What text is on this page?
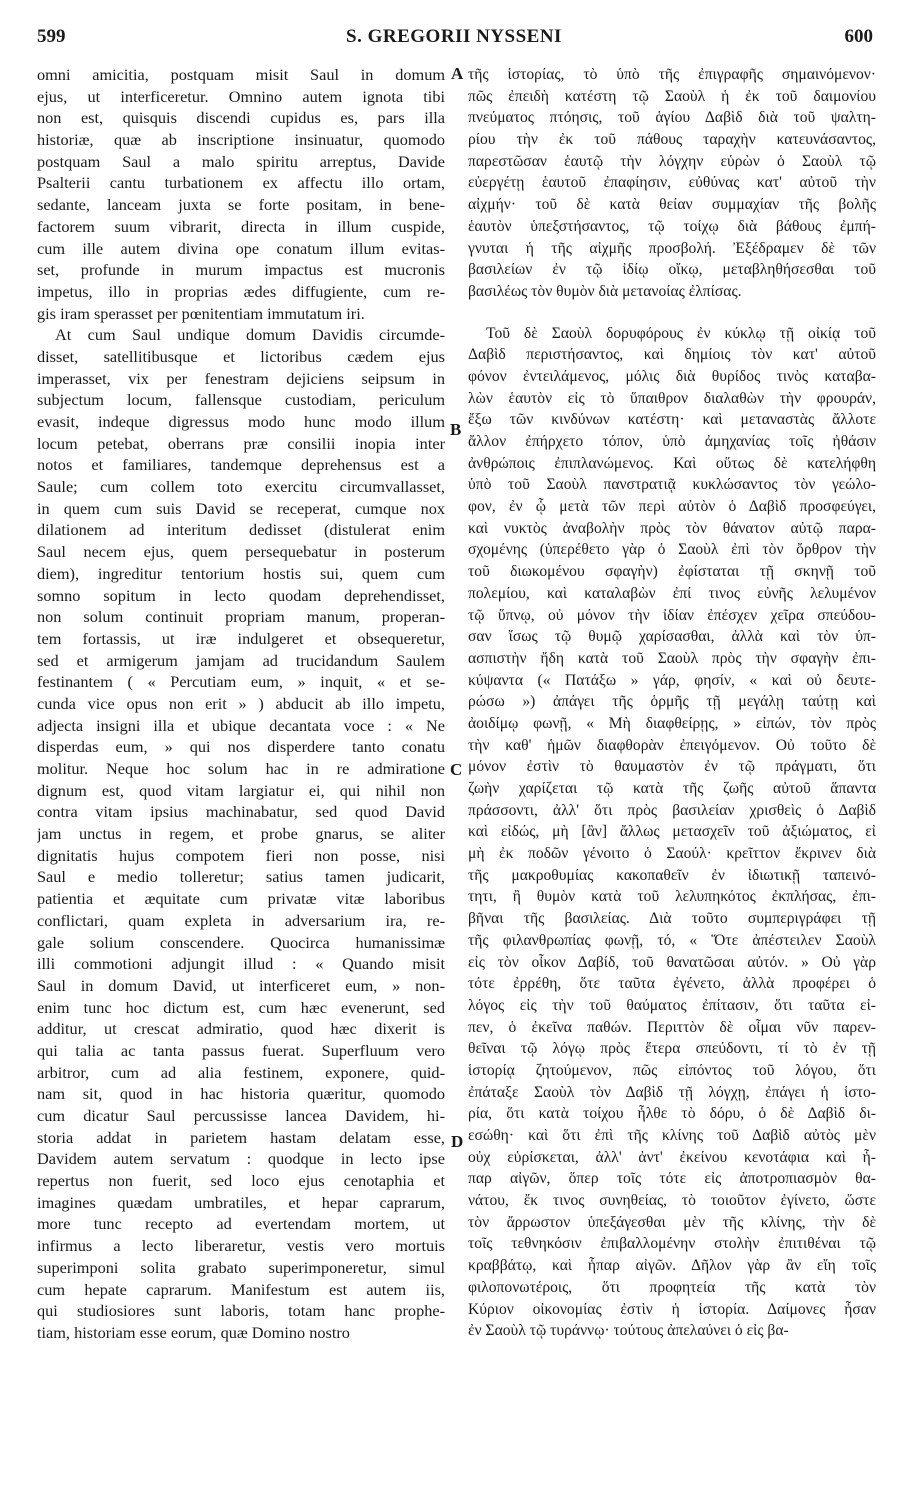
599	S. GREGORII NYSSENI	600
omni amicitia, postquam misit Saul in domum
ejus, ut interficeretur. Omnino autem ignota tibi
non est, quisquis discendi cupidus es, pars illa
historiæ, quæ ab inscriptione insinuatur, quomodo
postquam Saul a malo spiritu arreptus, Davide
Psalterii cantu turbationem ex affectu illo ortam,
sedante, lanceam juxta se forte positam, in bene-
factorem suum vibrarit, directa in illum cuspide,
cum ille autem divina ope conatum illum evitas-
set, profunde in murum impactus est mucronis
impetus, illo in proprias ædes diffugiente, cum re-
gis iram sperasset per pœnitentiam immutatum iri.
At cum Saul undique domum Davidis circumde-
disset, satellitibusque et lictoribus cædem ejus
imperasset, vix per fenestram dejiciens seipsum in
subjectum locum, fallensque custodiam, periculum
evasit, indeque digressus modo hunc modo illum
locum petebat, oberrans præ consilii inopia inter
notos et familiares, tandemque deprehensus est a
Saule; cum collem toto exercitu circumvallasset,
in quem cum suis David se receperat, cumque nox
dilationem ad interitum dedisset (distulerat enim
Saul necem ejus, quem persequebatur in posterum
diem), ingreditur tentorium hostis sui, quem cum
somno sopitum in lecto quodam deprehendisset,
non solum continuit propriam manum, properan-
tem fortassis, ut iræ indulgeret et obsequeretur,
sed et armigerum jamjam ad trucidandum Saulem
festinantem ( « Percutiam eum, » inquit, « et se-
cunda vice opus non erit » ) abducit ab illo impetu,
adjecta insigni illa et ubique decantata voce : « Ne
disperdas eum, » qui nos disperdere tanto conatu
molitur. Neque hoc solum hac in re admiratione
dignum est, quod vitam largiatur ei, qui nihil non
contra vitam ipsius machinabatur, sed quod David
jam unctus in regem, et probe gnarus, se aliter
dignitatis hujus compotem fieri non posse, nisi
Saul e medio tolleretur; satius tamen judicarit,
patientia et æquitate cum privatæ vitæ laboribus
conflictari, quam expleta in adversarium ira, re-
gale solium conscendere. Quocirca humanissimæ
illi commotioni adjungit illud : « Quando misit
Saul in domum David, ut interficeret eum, » non-
enim tunc hoc dictum est, cum hæc evenerunt, sed
additur, ut crescat admiratio, quod hæc dixerit is
qui talia ac tanta passus fuerat. Superfluum vero
arbitror, cum ad alia festinem, exponere, quid-
nam sit, quod in hac historia quæritur, quomodo
cum dicatur Saul percussisse lancea Davidem, hi-
storia addat in parietem hastam delatam esse,
Davidem autem servatum : quodque in lecto ipse
repertus non fuerit, sed loco ejus cenotaphia et
imagines quædam umbratiles, et hepar caprarum,
more tunc recepto ad evertendam mortem, ut
infirmus a lecto liberaretur, vestis vero mortuis
superimponi solita grabato superimponeretur, simul
cum hepate caprarum. Manifestum est autem iis,
qui studiosiores sunt laboris, totam hanc prophe-
tiam, historiam esse eorum, quæ Domino nostro
τῆς ἱστορίας, τὸ ὑπὸ τῆς ἐπιγραφῆς σημαινόμενον·
πῶς ἐπειδὴ κατέστη τῷ Σαοὺλ ἡ ἐκ τοῦ δαιμονίου
πνεύματος πτόησις, τοῦ ἁγίου Δαβὶδ διὰ τοῦ ψαλτη-
ρίου τὴν ἐκ τοῦ πάθους ταραχὴν κατευνάσαντος,
παρεστῶσαν ἑαυτῷ τὴν λόγχην εὑρὼν ὁ Σαοὺλ τῷ
εὐεργέτῃ ἑαυτοῦ ἐπαφίησιν, εὐθύνας κατ' αὐτοῦ τὴν
αἰχμήν· τοῦ δὲ κατὰ θείαν συμμαχίαν τῆς βολῆς
ἑαυτὸν ὑπεξστήσαντος, τῷ τοίχῳ διὰ βάθους ἐμπή-
γνυται ἡ τῆς αἰχμῆς προσβολή. Ἐξέδραμεν δὲ τῶν
βασιλείων ἐν τῷ ἰδίῳ οἴκῳ, μεταβληθήσεσθαι τοῦ
βασιλέως τὸν θυμὸν διὰ μετανοίας ἐλπίσας.
Τοῦ δὲ Σαοὺλ δορυφόρους ἐν κύκλῳ τῇ οἰκίᾳ τοῦ
Δαβὶδ περιστήσαντος, καὶ δημίοις τὸν κατ' αὐτοῦ
φόνον ἐντειλάμενος, μόλις διὰ θυρίδος τινὸς καταβα-
λὼν ἑαυτὸν εἰς τὸ ὕπαιθρον διαλαθὼν τὴν φρουράν,
ἔξω τῶν κινδύνων κατέστη· καὶ μεταναστὰς ἄλλοτε
ἄλλον ἐπήρχετο τόπον, ὑπὸ ἀμηχανίας τοῖς ἠθάσιν
ἀνθρώποις ἐπιπλανώμενος. Καὶ οὕτως δὲ κατελήφθη
ὑπὸ τοῦ Σαοὺλ πανστρατιᾷ κυκλώσαντος τὸν γεώλο-
φον, ἐν ᾧ μετὰ τῶν περὶ αὐτὸν ὁ Δαβὶδ προσφεύγει,
καὶ νυκτὸς ἀναβολὴν πρὸς τὸν θάνατον αὐτῷ παρα-
σχομένης (ὑπερέθετο γὰρ ὁ Σαοὺλ ἐπὶ τὸν ὄρθρον τὴν
τοῦ διωκομένου σφαγὴν) ἐφίσταται τῇ σκηνῇ τοῦ
πολεμίου, καὶ καταλαβὼν ἐπί τινος εὐνῆς λελυμένον
τῷ ὕπνῳ, οὐ μόνον τὴν ἰδίαν ἐπέσχεν χεῖρα σπεύδου-
σαν ἴσως τῷ θυμῷ χαρίσασθαι, ἀλλὰ καὶ τὸν ὑπ-
ασπιστὴν ἤδη κατὰ τοῦ Σαοὺλ πρὸς τὴν σφαγὴν ἐπι-
κύψαντα (« Πατάξω » γάρ, φησίν, « καὶ οὐ δευτε-
ρώσω ») ἀπάγει τῆς ὁρμῆς τῇ μεγάλῃ ταύτῃ καὶ
ἀοιδίμῳ φωνῇ, « Μὴ διαφθείρῃς, » εἰπών, τὸν πρὸς
τὴν καθ' ἡμῶν διαφθορὰν ἐπειγόμενον. Οὐ τοῦτο δὲ
μόνον ἐστὶν τὸ θαυμαστὸν ἐν τῷ πράγματι, ὅτι
ζωὴν χαρίζεται τῷ κατὰ τῆς ζωῆς αὐτοῦ ἅπαντα
πράσσοντι, ἀλλ' ὅτι πρὸς βασιλείαν χρισθεὶς ὁ Δαβὶδ
καὶ εἰδώς, μὴ [ἂν] ἄλλως μετασχεῖν τοῦ ἀξιώματος, εἰ
μὴ ἐκ ποδῶν γένοιτο ὁ Σαούλ· κρεῖττον ἔκρινεν διὰ
τῆς μακροθυμίας κακοπαθεῖν ἐν ἰδιωτικῇ ταπεινό-
τητι, ἢ θυμὸν κατὰ τοῦ λελυπηκότος ἐκπλήσας, ἐπι-
βῆναι τῆς βασιλείας. Διὰ τοῦτο συμπεριγράφει τῇ
τῆς φιλανθρωπίας φωνῇ, τό, « Ὅτε ἀπέστειλεν Σαοὺλ
εἰς τὸν οἶκον Δαβίδ, τοῦ θανατῶσαι αὐτόν. » Οὐ γὰρ
τότε ἐρρέθη, ὅτε ταῦτα ἐγένετο, ἀλλὰ προφέρει ὁ
λόγος εἰς τὴν τοῦ θαύματος ἐπίτασιν, ὅτι ταῦτα εἰ-
πεν, ὁ ἐκεῖνα παθών. Περιττὸν δὲ οἶμαι νῦν παρεν-
θεῖναι τῷ λόγῳ πρὸς ἕτερα σπεύδοντι, τί τὸ ἐν τῇ
ἱστορίᾳ ζητούμενον, πῶς εἰπόντος τοῦ λόγου, ὅτι
ἐπάταξε Σαοὺλ τὸν Δαβὶδ τῇ λόγχῃ, ἐπάγει ἡ ἱστο-
ρία, ὅτι κατὰ τοίχου ἦλθε τὸ δόρυ, ὁ δὲ Δαβὶδ δι-
εσώθη· καὶ ὅτι ἐπὶ τῆς κλίνης τοῦ Δαβὶδ αὐτὸς μὲν
οὐχ εὑρίσκεται, ἀλλ' ἀντ' ἐκείνου κενοτάφια καὶ ἧ-
παρ αἰγῶν, ὅπερ τοῖς τότε εἰς ἀποτροπιασμὸν θα-
νάτου, ἔκ τινος συνηθείας, τὸ τοιοῦτον ἐγίνετο, ὥστε
τὸν ἄρρωστον ὑπεξάγεσθαι μὲν τῆς κλίνης, τὴν δὲ
τοῖς τεθνηκόσιν ἐπιβαλλομένην στολὴν ἐπιτιθέναι τῷ
κραββάτῳ, καὶ ἧπαρ αἰγῶν. Δῆλον γὰρ ἂν εἴη τοῖς
φιλοπονωτέροις, ὅτι προφητεία τῆς κατὰ τὸν
Κύριον οἰκονομίας ἐστὶν ἡ ἱστορία. Δαίμονες ἦσαν
ἐν Σαοὺλ τῷ τυράννῳ· τούτους ἀπελαύνει ὁ εἰς βα-
A
B
C
D
